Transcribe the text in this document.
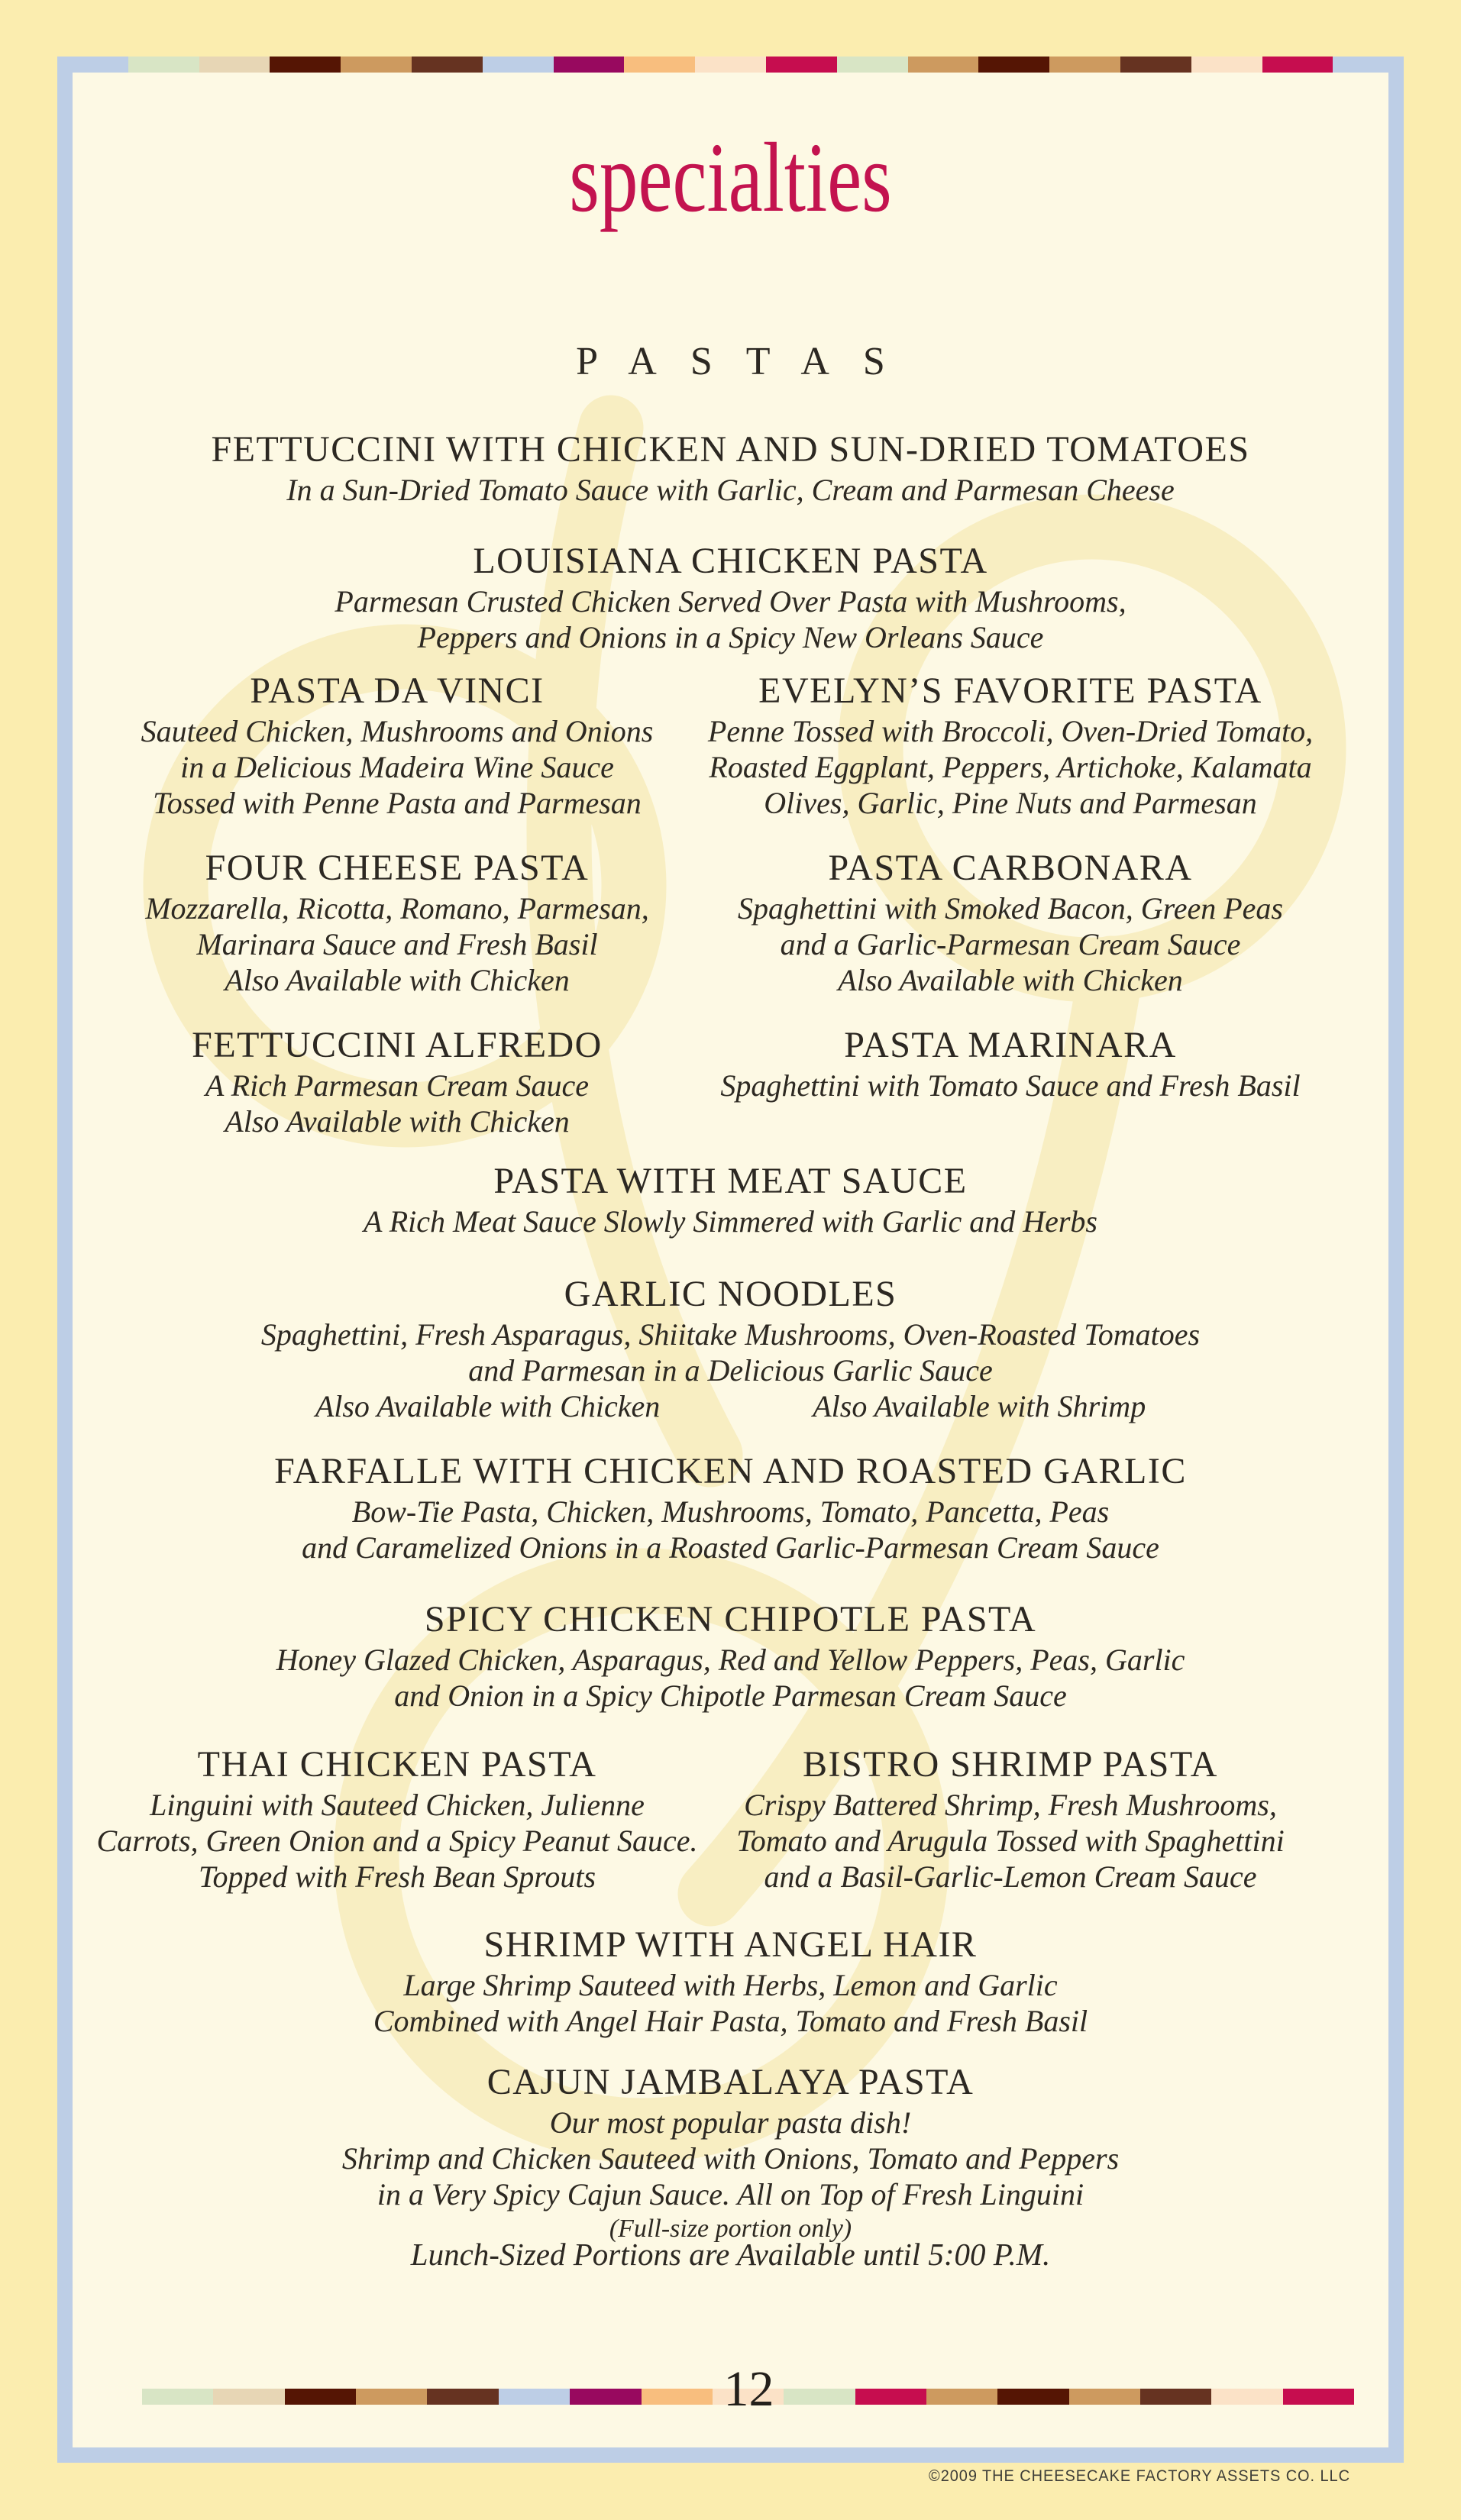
specialties
PASTAS
FETTUCCINI WITH CHICKEN AND SUN-DRIED TOMATOES
In a Sun-Dried Tomato Sauce with Garlic, Cream and Parmesan Cheese
LOUISIANA CHICKEN PASTA
Parmesan Crusted Chicken Served Over Pasta with Mushrooms,
Peppers and Onions in a Spicy New Orleans Sauce
PASTA DA VINCI
Sauteed Chicken, Mushrooms and Onions
in a Delicious Madeira Wine Sauce
Tossed with Penne Pasta and Parmesan
EVELYN’S FAVORITE PASTA
Penne Tossed with Broccoli, Oven-Dried Tomato,
Roasted Eggplant, Peppers, Artichoke, Kalamata
Olives, Garlic, Pine Nuts and Parmesan
FOUR CHEESE PASTA
Mozzarella, Ricotta, Romano, Parmesan,
Marinara Sauce and Fresh Basil
Also Available with Chicken
PASTA CARBONARA
Spaghettini with Smoked Bacon, Green Peas
and a Garlic-Parmesan Cream Sauce
Also Available with Chicken
FETTUCCINI ALFREDO
A Rich Parmesan Cream Sauce
Also Available with Chicken
PASTA MARINARA
Spaghettini with Tomato Sauce and Fresh Basil
PASTA WITH MEAT SAUCE
A Rich Meat Sauce Slowly Simmered with Garlic and Herbs
GARLIC NOODLES
Spaghettini, Fresh Asparagus, Shiitake Mushrooms, Oven-Roasted Tomatoes
and Parmesan in a Delicious Garlic Sauce
Also Available with Chicken	Also Available with Shrimp
FARFALLE WITH CHICKEN AND ROASTED GARLIC
Bow-Tie Pasta, Chicken, Mushrooms, Tomato, Pancetta, Peas
and Caramelized Onions in a Roasted Garlic-Parmesan Cream Sauce
SPICY CHICKEN CHIPOTLE PASTA
Honey Glazed Chicken, Asparagus, Red and Yellow Peppers, Peas, Garlic
and Onion in a Spicy Chipotle Parmesan Cream Sauce
THAI CHICKEN PASTA
Linguini with Sauteed Chicken, Julienne
Carrots, Green Onion and a Spicy Peanut Sauce.
Topped with Fresh Bean Sprouts
BISTRO SHRIMP PASTA
Crispy Battered Shrimp, Fresh Mushrooms,
Tomato and Arugula Tossed with Spaghettini
and a Basil-Garlic-Lemon Cream Sauce
SHRIMP WITH ANGEL HAIR
Large Shrimp Sauteed with Herbs, Lemon and Garlic
Combined with Angel Hair Pasta, Tomato and Fresh Basil
CAJUN JAMBALAYA PASTA
Our most popular pasta dish!
Shrimp and Chicken Sauteed with Onions, Tomato and Peppers
in a Very Spicy Cajun Sauce. All on Top of Fresh Linguini
(Full-size portion only)
Lunch-Sized Portions are Available until 5:00 P.M.
12
©2009 THE CHEESECAKE FACTORY ASSETS CO. LLC
